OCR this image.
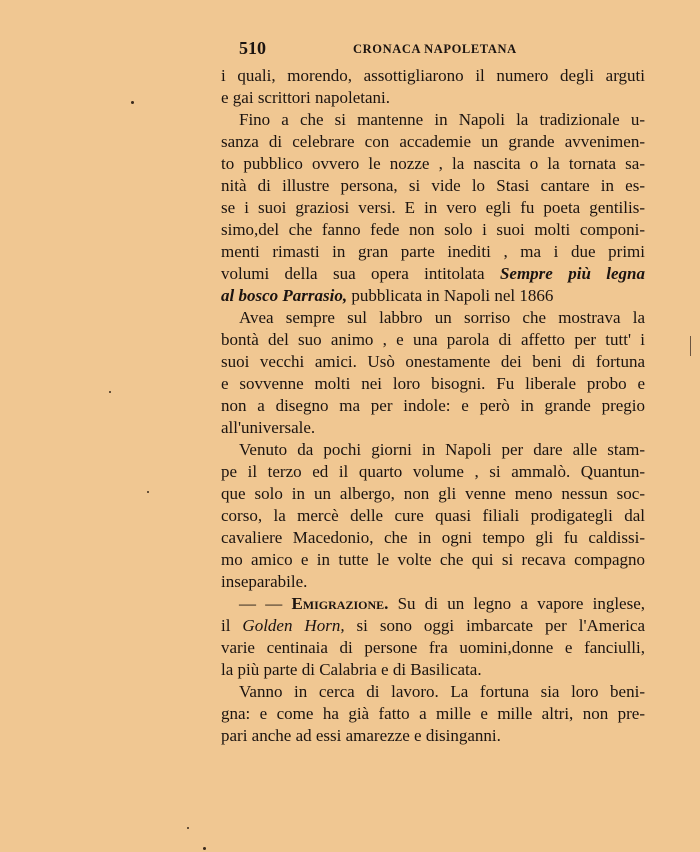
510	CRONACA NAPOLETANA
i quali, morendo, assottigliarono il numero degli arguti
e gai scrittori napoletani.
Fino a che si mantenne in Napoli la tradizionale u-
sanza di celebrare con accademie un grande avvenimen-
to pubblico ovvero le nozze , la nascita o la tornata sa-
nità di illustre persona, si vide lo Stasi cantare in es-
se i suoi graziosi versi. E in vero egli fu poeta gentilis-
simo,del che fanno fede non solo i suoi molti componi-
menti rimasti in gran parte inediti , ma i due primi
volumi della sua opera intitolata Sempre più legna
al bosco Parrasio, pubblicata in Napoli nel 1866
Avea sempre sul labbro un sorriso che mostrava la
bontà del suo animo , e una parola di affetto per tutt' i
suoi vecchi amici. Usò onestamente dei beni di fortuna
e sovvenne molti nei loro bisogni. Fu liberale probo e
non a disegno ma per indole: e però in grande pregio
all'universale.
Venuto da pochi giorni in Napoli per dare alle stam-
pe il terzo ed il quarto volume , si ammalò. Quantun-
que solo in un albergo, non gli venne meno nessun soc-
corso, la mercè delle cure quasi filiali prodigategli dal
cavaliere Macedonio, che in ogni tempo gli fu caldissi-
mo amico e in tutte le volte che qui si recava compagno
inseparabile.
— — Emigrazione. Su di un legno a vapore inglese,
il Golden Horn, si sono oggi imbarcate per l'America
varie centinaia di persone fra uomini,donne e fanciulli,
la più parte di Calabria e di Basilicata.
Vanno in cerca di lavoro. La fortuna sia loro beni-
gna: e come ha già fatto a mille e mille altri, non pre-
pari anche ad essi amarezze e disinganni.
